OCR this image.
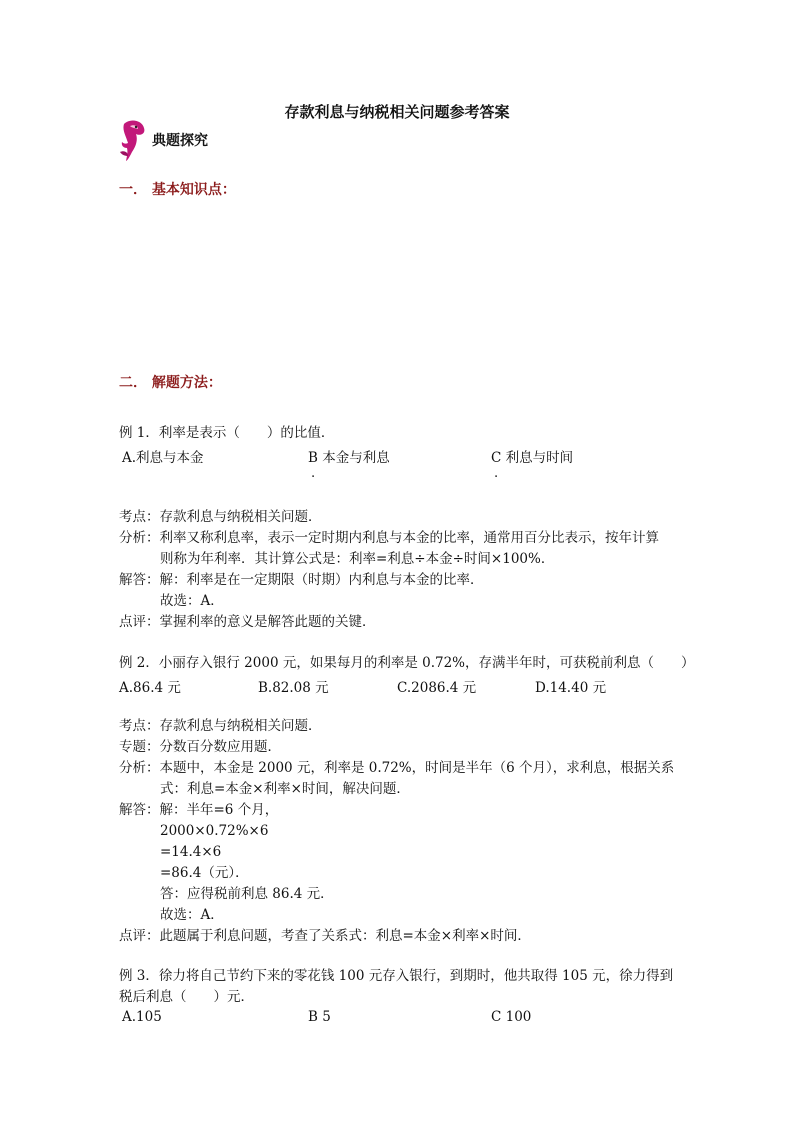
存款利息与纳税相关问题参考答案
典题探究
一． 基本知识点：
二． 解题方法：
例 1．利率是表示（　　）的比值．
A.利息与本金	B 本金与利息	C 利息与时间
.	.
考点：存款利息与纳税相关问题．
分析：利率又称利息率，表示一定时期内利息与本金的比率，通常用百分比表示，按年计算
则称为年利率．其计算公式是：利率=利息÷本金÷时间×100%．
解答：解：利率是在一定期限（时期）内利息与本金的比率．
故选：A．
点评：掌握利率的意义是解答此题的关键．
例 2．小丽存入银行 2000 元，如果每月的利率是 0.72%，存满半年时，可获税前利息（　　）
A.86.4 元	B.82.08 元	C.2086.4 元	D.14.40 元
考点：存款利息与纳税相关问题．
专题：分数百分数应用题．
分析：本题中，本金是 2000 元，利率是 0.72%，时间是半年（6 个月），求利息，根据关系
式：利息=本金×利率×时间，解决问题．
解答：解：半年=6 个月，
2000×0.72%×6
=14.4×6
=86.4（元）．
答：应得税前利息 86.4 元．
故选：A．
点评：此题属于利息问题，考查了关系式：利息=本金×利率×时间．
例 3．徐力将自己节约下来的零花钱 100 元存入银行，到期时，他共取得 105 元，徐力得到
税后利息（　　）元．
A.105	B 5	C 100
